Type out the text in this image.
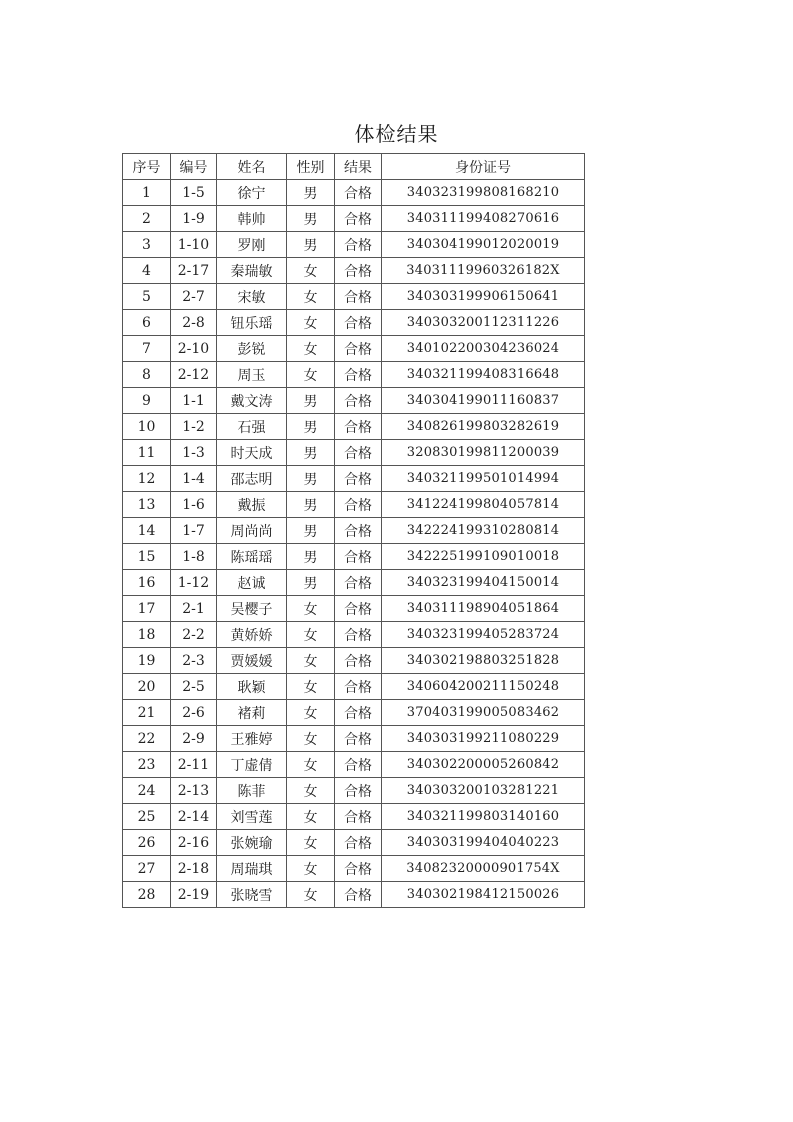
体检结果
序号	编号	姓名	性别	结果	身份证号
1	1-5	徐宁	男	合格	340323199808168210
2	1-9	韩帅	男	合格	340311199408270616
3	1-10	罗刚	男	合格	340304199012020019
4	2-17	秦瑞敏	女	合格	34031119960326182X
5	2-7	宋敏	女	合格	340303199906150641
6	2-8	钮乐瑶	女	合格	340303200112311226
7	2-10	彭锐	女	合格	340102200304236024
8	2-12	周玉	女	合格	340321199408316648
9	1-1	戴文涛	男	合格	340304199011160837
10	1-2	石强	男	合格	340826199803282619
11	1-3	时天成	男	合格	320830199811200039
12	1-4	邵志明	男	合格	340321199501014994
13	1-6	戴振	男	合格	341224199804057814
14	1-7	周尚尚	男	合格	342224199310280814
15	1-8	陈瑶瑶	男	合格	342225199109010018
16	1-12	赵诚	男	合格	340323199404150014
17	2-1	吴樱子	女	合格	340311198904051864
18	2-2	黄娇娇	女	合格	340323199405283724
19	2-3	贾媛媛	女	合格	340302198803251828
20	2-5	耿颖	女	合格	340604200211150248
21	2-6	褚莉	女	合格	370403199005083462
22	2-9	王雅婷	女	合格	340303199211080229
23	2-11	丁虚倩	女	合格	340302200005260842
24	2-13	陈菲	女	合格	340303200103281221
25	2-14	刘雪莲	女	合格	340321199803140160
26	2-16	张婉瑜	女	合格	340303199404040223
27	2-18	周瑞琪	女	合格	34082320000901754X
28	2-19	张晓雪	女	合格	340302198412150026
